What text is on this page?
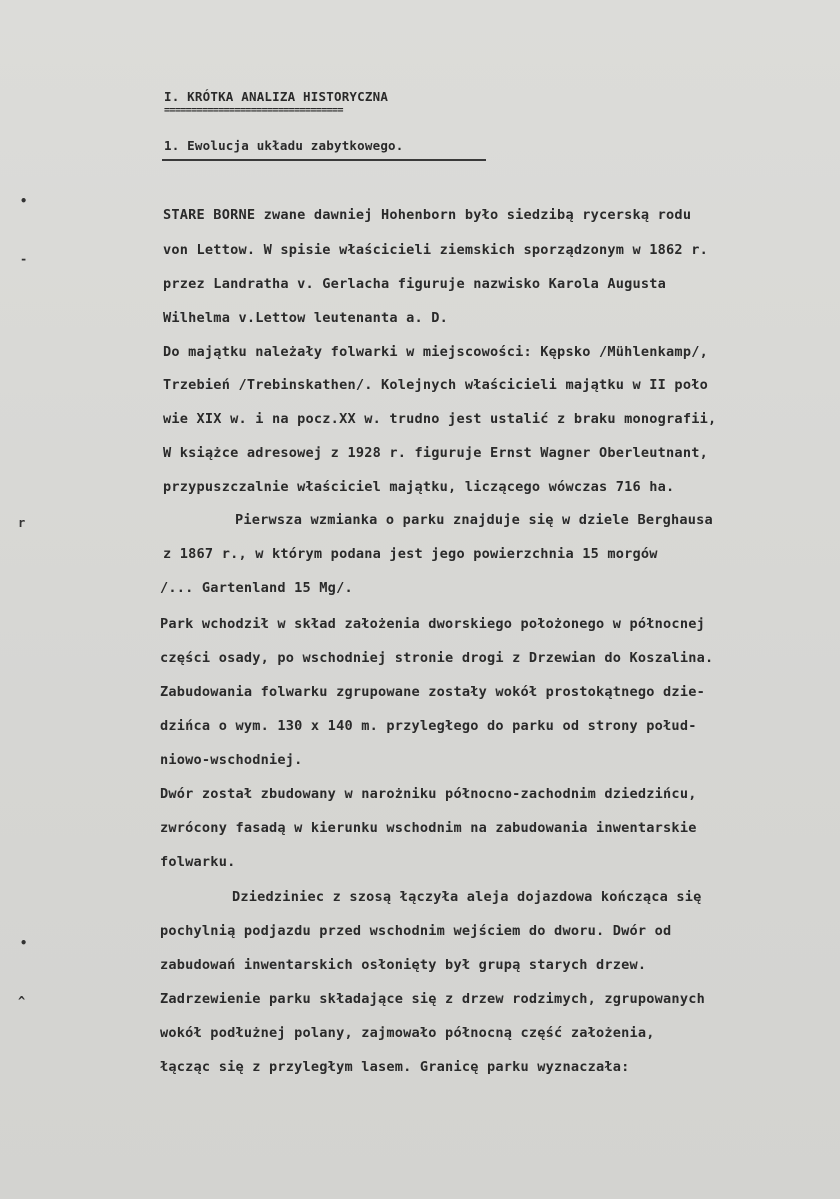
•
-
r
•
^
I. KRÓTKA ANALIZA HISTORYCZNA
=================================
1. Ewolucja układu zabytkowego.
STARE BORNE zwane dawniej Hohenborn było siedzibą rycerską rodu
von Lettow. W spisie właścicieli ziemskich sporządzonym w 1862 r.
przez Landratha v. Gerlacha figuruje nazwisko Karola Augusta
Wilhelma v.Lettow leutenanta a. D.
Do majątku należały folwarki w miejscowości: Kępsko /Mühlenkamp/,
Trzebień /Trebinskathen/. Kolejnych właścicieli majątku w II poło
wie XIX w. i na pocz.XX w. trudno jest ustalić z braku monografii,
W książce adresowej z 1928 r. figuruje Ernst Wagner Oberleutnant,
przypuszczalnie właściciel majątku, liczącego wówczas 716 ha.
Pierwsza wzmianka o parku znajduje się w dziele Berghausa
z 1867 r., w którym podana jest jego powierzchnia 15 morgów
/... Gartenland 15 Mg/.
Park wchodził w skład założenia dworskiego położonego w północnej
części osady, po wschodniej stronie drogi z Drzewian do Koszalina.
Zabudowania folwarku zgrupowane zostały wokół prostokątnego dzie-
dzińca o wym. 130 x 140 m. przyległego do parku od strony połud-
niowo-wschodniej.
Dwór został zbudowany w narożniku północno-zachodnim dziedzińcu,
zwrócony fasadą w kierunku wschodnim na zabudowania inwentarskie
folwarku.
Dziedziniec z szosą łączyła aleja dojazdowa kończąca się
pochylnią podjazdu przed wschodnim wejściem do dworu. Dwór od
zabudowań inwentarskich osłonięty był grupą starych drzew.
Zadrzewienie parku składające się z drzew rodzimych, zgrupowanych
wokół podłużnej polany, zajmowało północną część założenia,
łącząc się z przyległym lasem. Granicę parku wyznaczała:
